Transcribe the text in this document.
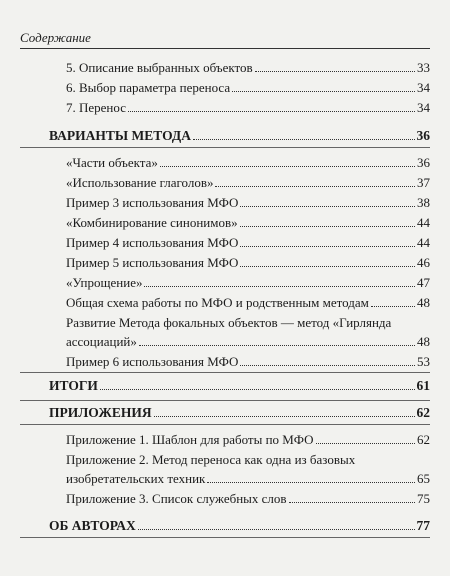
Содержание
5. Описание выбранных объектов	33
6. Выбор параметра переноса	34
7. Перенос	34
ВАРИАНТЫ МЕТОДА	36
«Части объекта»	36
«Использование глаголов»	37
Пример 3 использования МФО	38
«Комбинирование синонимов»	44
Пример 4 использования МФО	44
Пример 5 использования МФО	46
«Упрощение»	47
Общая схема работы по МФО и родственным методам	48
Развитие Метода фокальных объектов — метод «Гирлянда
ассоциаций»	48
Пример 6 использования МФО	53
ИТОГИ	61
ПРИЛОЖЕНИЯ	62
Приложение 1. Шаблон для работы по МФО	62
Приложение 2. Метод переноса как одна из базовых
изобретательских техник	65
Приложение 3. Список служебных слов	75
ОБ АВТОРАХ	77
